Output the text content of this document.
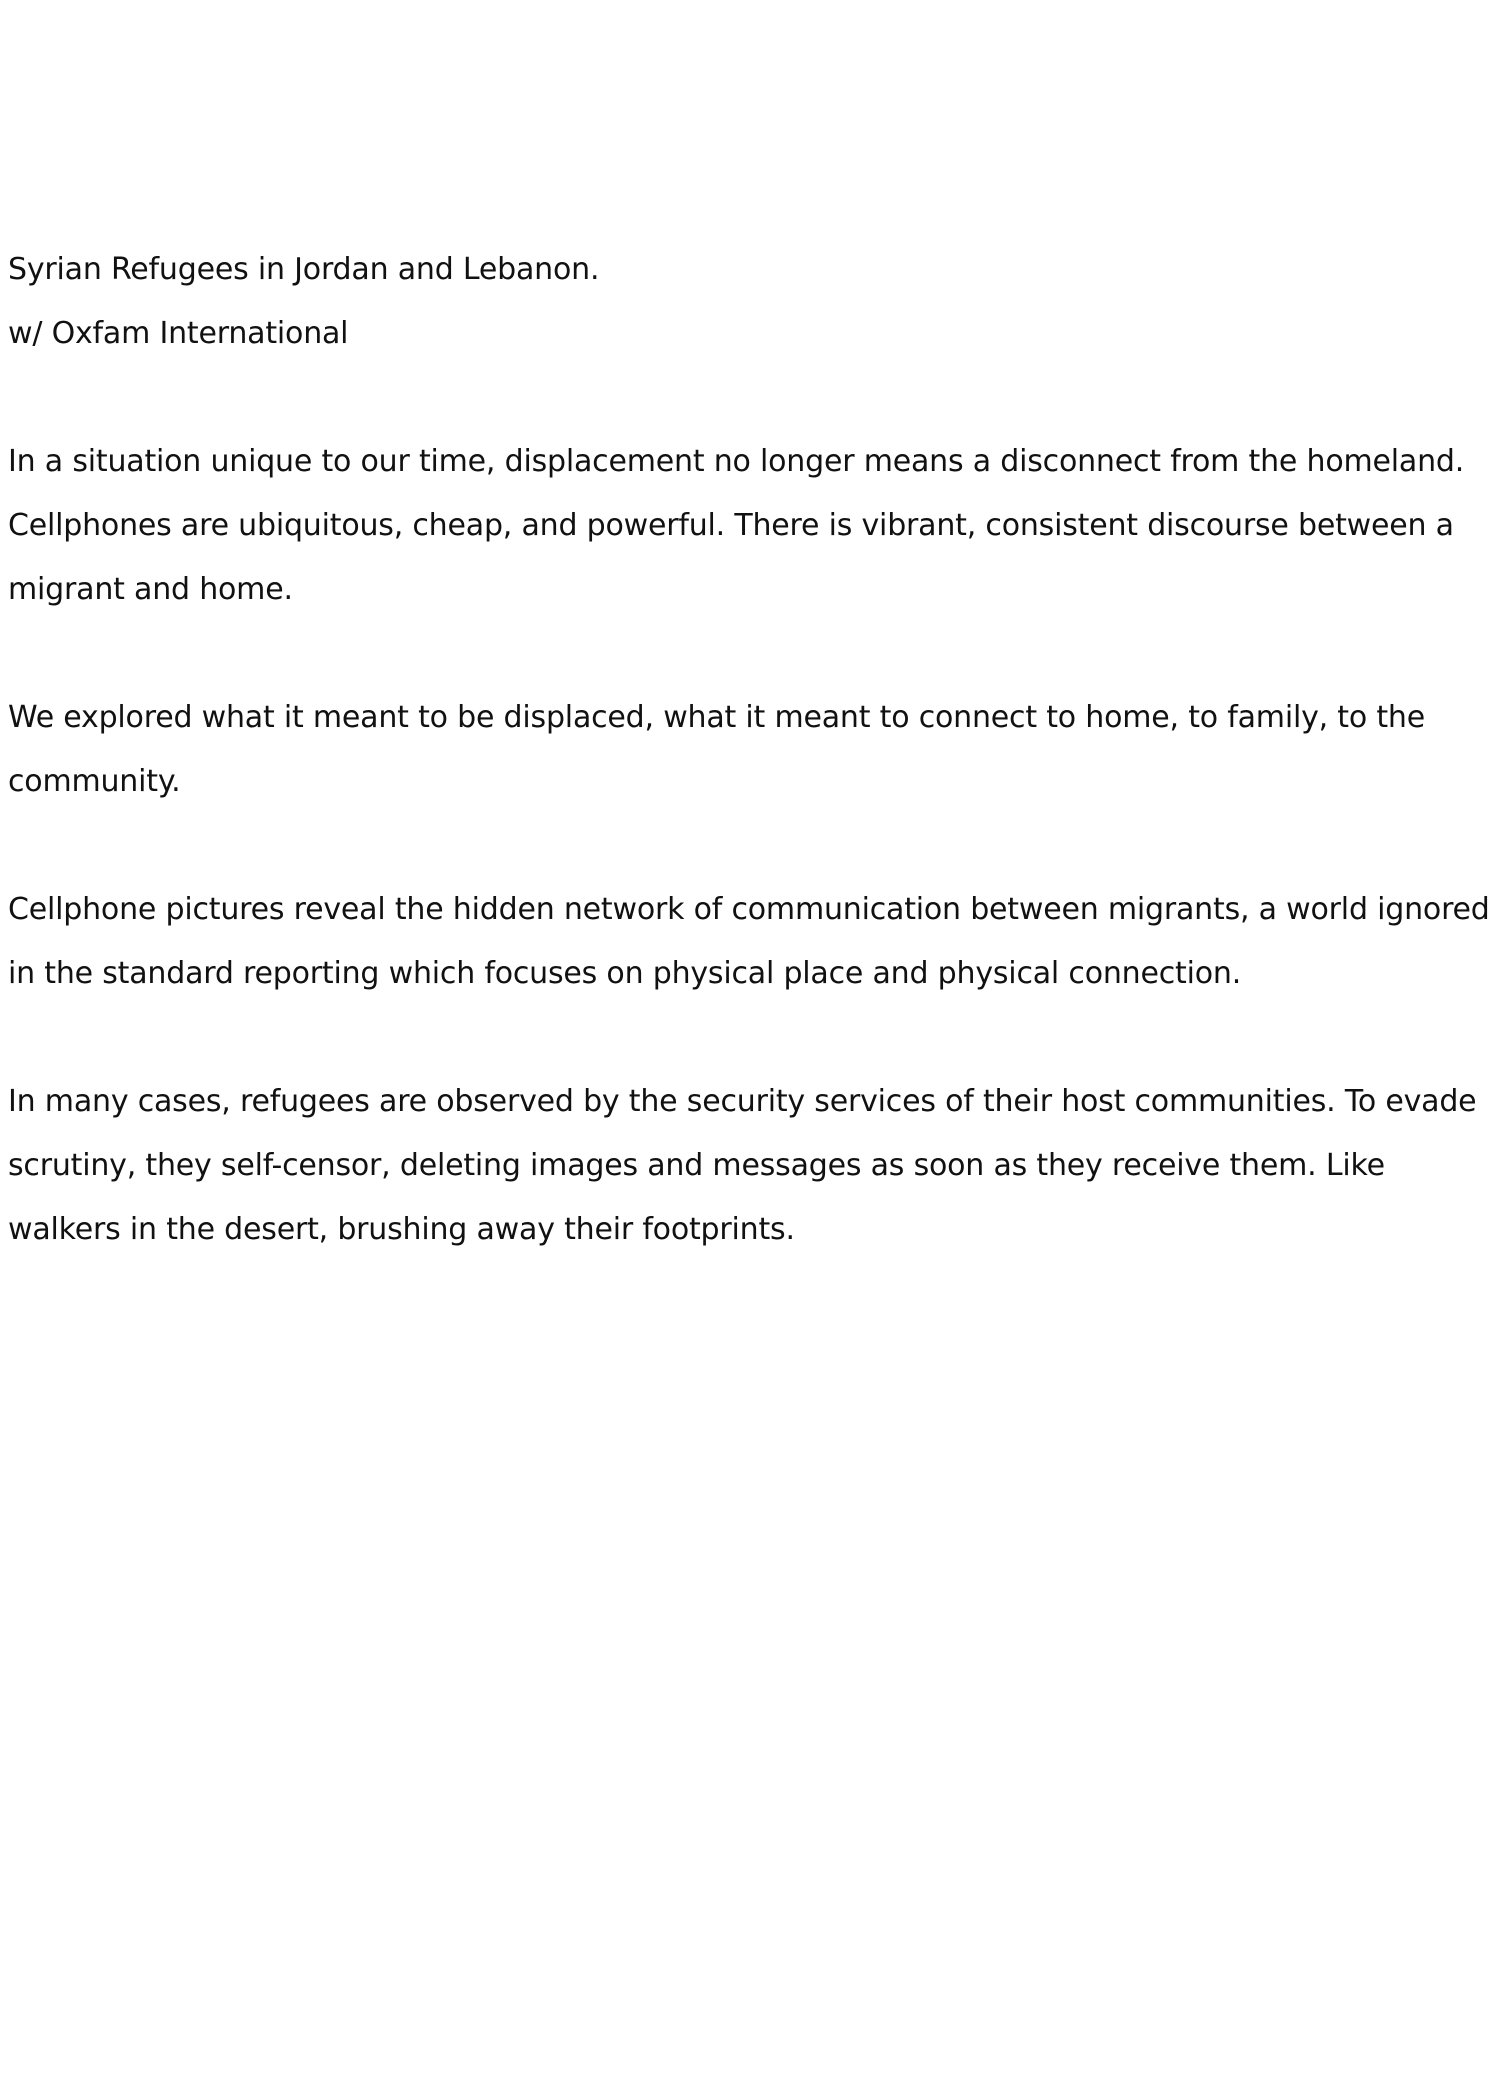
Syrian Refugees in Jordan and Lebanon.
w/ Oxfam International

In a situation unique to our time, displacement no longer means a disconnect from the homeland. Cellphones are ubiquitous, cheap, and powerful. There is vibrant, consistent discourse between a migrant and home.

We explored what it meant to be displaced, what it meant to connect to home, to family, to the community.

Cellphone pictures reveal the hidden network of communication between migrants, a world ignored in the standard reporting which focuses on physical place and physical connection.

In many cases, refugees are observed by the security services of their host communities. To evade scrutiny, they self-censor, deleting images and messages as soon as they receive them. Like walkers in the desert, brushing away their footprints.
